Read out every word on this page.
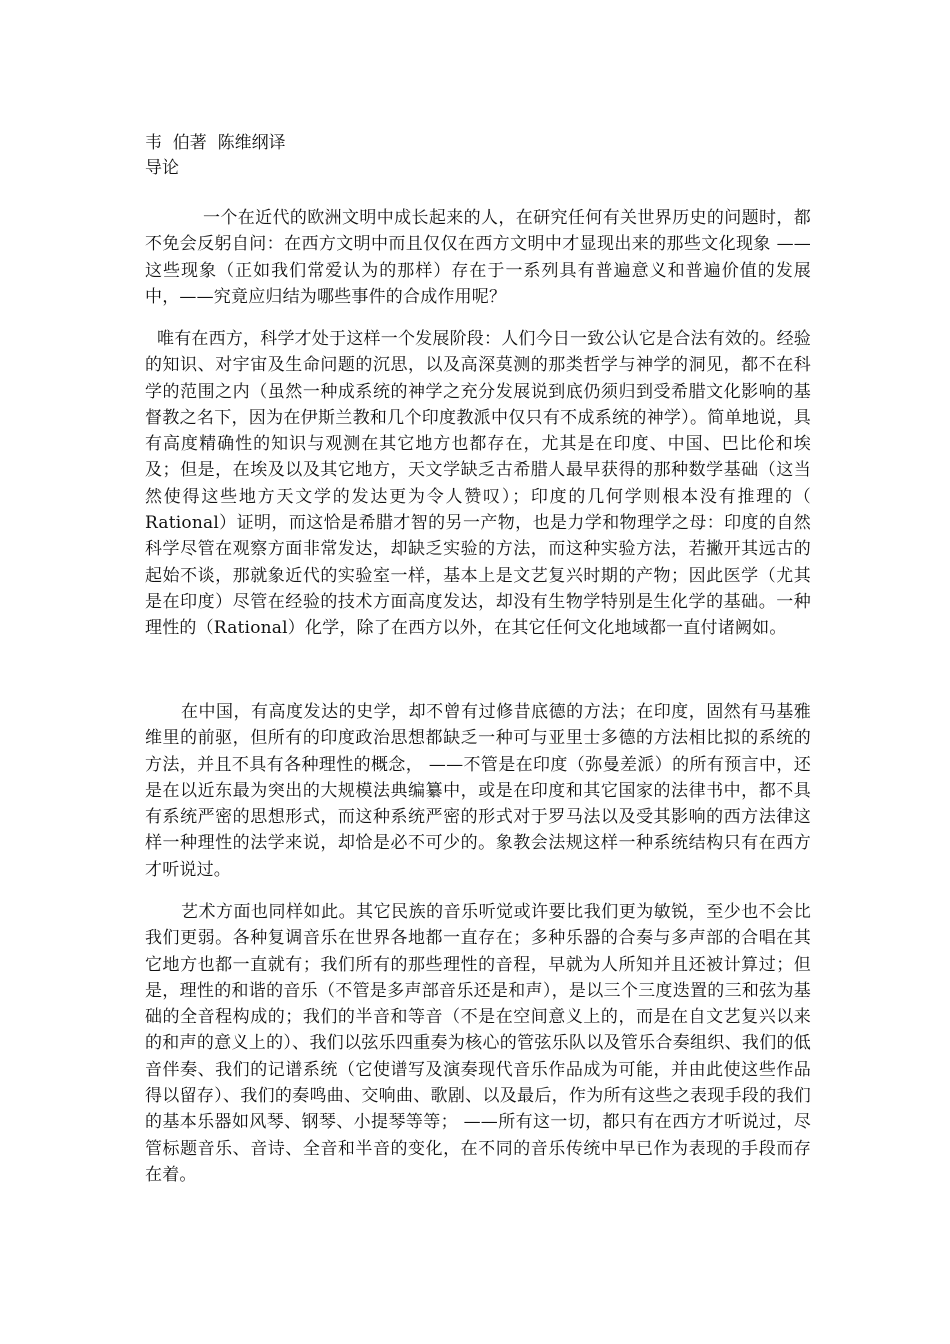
韦  伯著  陈维纲译
导论

一个在近代的欧洲文明中成长起来的人，在研究任何有关世界历史的问题时，都不免会反躬自问：在西方文明中而且仅仅在西方文明中才显现出来的那些文化现象 ——这些现象（正如我们常爱认为的那样）存在于一系列具有普遍意义和普遍价值的发展中，——究竟应归结为哪些事件的合成作用呢？

唯有在西方，科学才处于这样一个发展阶段：人们今日一致公认它是合法有效的。经验的知识、对宇宙及生命问题的沉思，以及高深莫测的那类哲学与神学的洞见，都不在科学的范围之内（虽然一种成系统的神学之充分发展说到底仍须归到受希腊文化影响的基督教之名下，因为在伊斯兰教和几个印度教派中仅只有不成系统的神学）。简单地说，具有高度精确性的知识与观测在其它地方也都存在，尤其是在印度、中国、巴比伦和埃及；但是，在埃及以及其它地方，天文学缺乏古希腊人最早获得的那种数学基础（这当然使得这些地方天文学的发达更为令人赞叹）；印度的几何学则根本没有推理的（ Rational）证明，而这恰是希腊才智的另一产物，也是力学和物理学之母：印度的自然科学尽管在观察方面非常发达，却缺乏实验的方法，而这种实验方法，若撇开其远古的起始不谈，那就象近代的实验室一样，基本上是文艺复兴时期的产物；因此医学（尤其是在印度）尽管在经验的技术方面高度发达，却没有生物学特别是生化学的基础。一种理性的（Rational）化学，除了在西方以外，在其它任何文化地域都一直付诸阙如。

在中国，有高度发达的史学，却不曾有过修昔底德的方法；在印度，固然有马基雅维里的前驱，但所有的印度政治思想都缺乏一种可与亚里士多德的方法相比拟的系统的方法，并且不具有各种理性的概念， ——不管是在印度（弥曼差派）的所有预言中，还是在以近东最为突出的大规模法典编纂中，或是在印度和其它国家的法律书中，都不具有系统严密的思想形式，而这种系统严密的形式对于罗马法以及受其影响的西方法律这样一种理性的法学来说，却恰是必不可少的。象教会法规这样一种系统结构只有在西方才听说过。

艺术方面也同样如此。其它民族的音乐听觉或许要比我们更为敏锐，至少也不会比我们更弱。各种复调音乐在世界各地都一直存在；多种乐器的合奏与多声部的合唱在其它地方也都一直就有；我们所有的那些理性的音程，早就为人所知并且还被计算过；但是，理性的和谐的音乐（不管是多声部音乐还是和声），是以三个三度迭置的三和弦为基础的全音程构成的；我们的半音和等音（不是在空间意义上的，而是在自文艺复兴以来的和声的意义上的）、我们以弦乐四重奏为核心的管弦乐队以及管乐合奏组织、我们的低音伴奏、我们的记谱系统（它使谱写及演奏现代音乐作品成为可能，并由此使这些作品得以留存）、我们的奏鸣曲、交响曲、歌剧、以及最后，作为所有这些之表现手段的我们的基本乐器如风琴、钢琴、小提琴等等； ——所有这一切，都只有在西方才听说过，尽管标题音乐、音诗、全音和半音的变化，在不同的音乐传统中早已作为表现的手段而存在着。
